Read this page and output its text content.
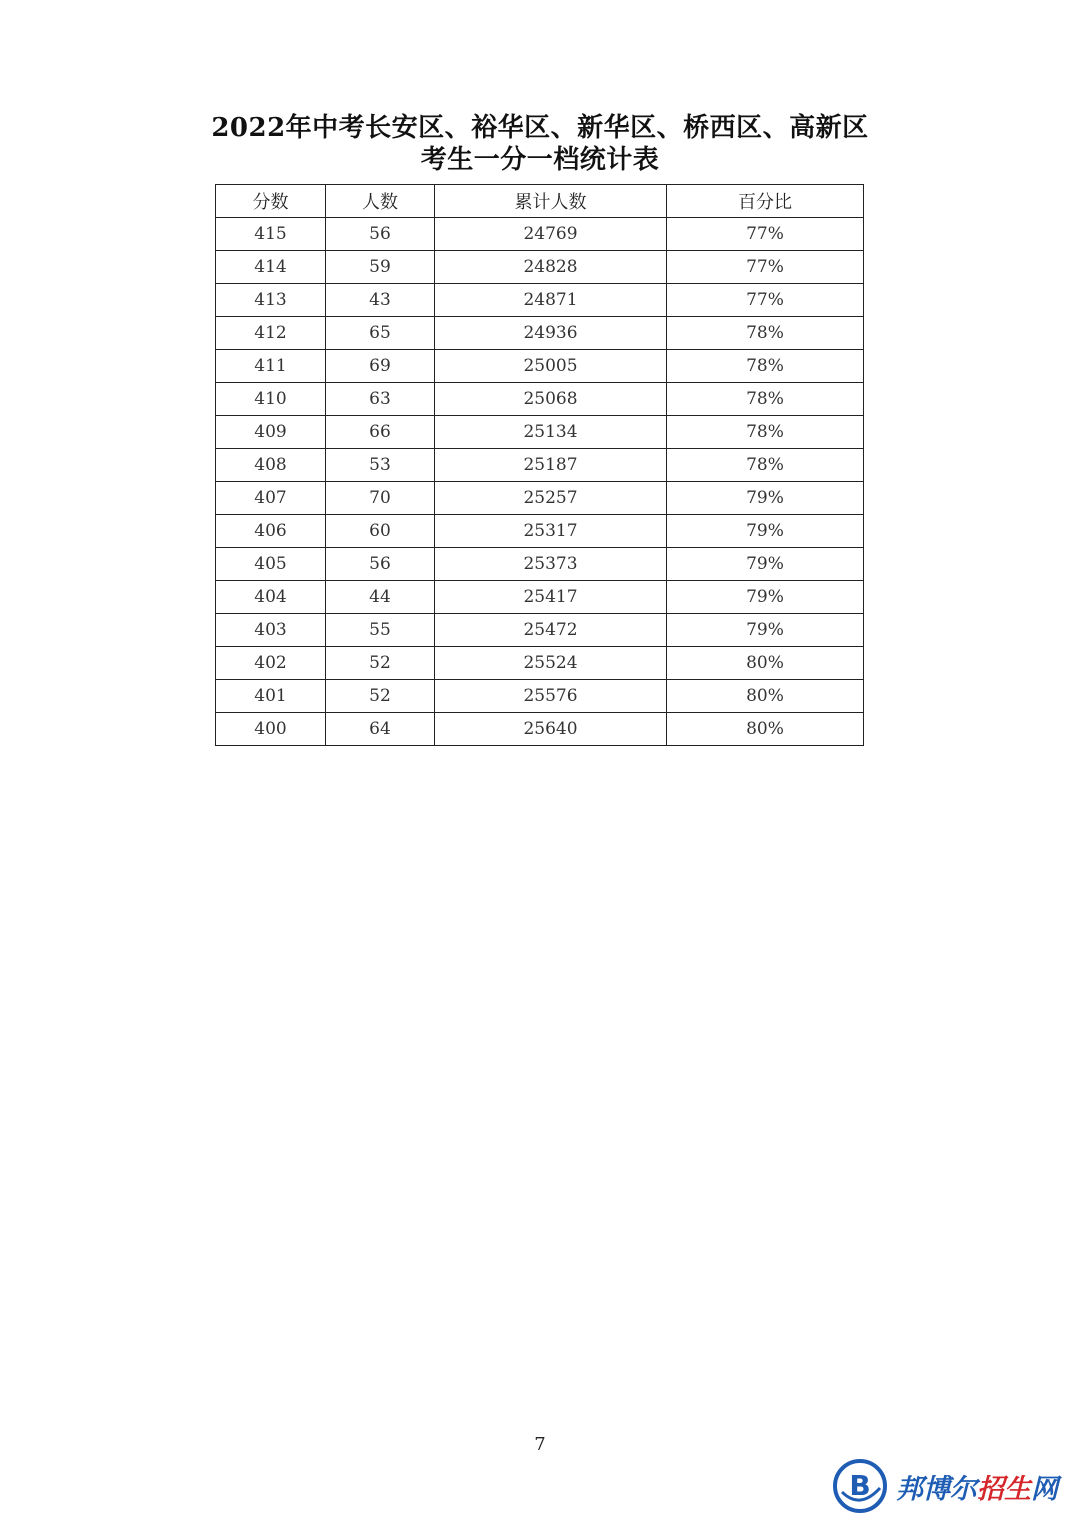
2022年中考长安区、裕华区、新华区、桥西区、高新区
考生一分一档统计表
分数	人数	累计人数	百分比
415	56	24769	77%
414	59	24828	77%
413	43	24871	77%
412	65	24936	78%
411	69	25005	78%
410	63	25068	78%
409	66	25134	78%
408	53	25187	78%
407	70	25257	79%
406	60	25317	79%
405	56	25373	79%
404	44	25417	79%
403	55	25472	79%
402	52	25524	80%
401	52	25576	80%
400	64	25640	80%
7
B 邦博尔招生网
